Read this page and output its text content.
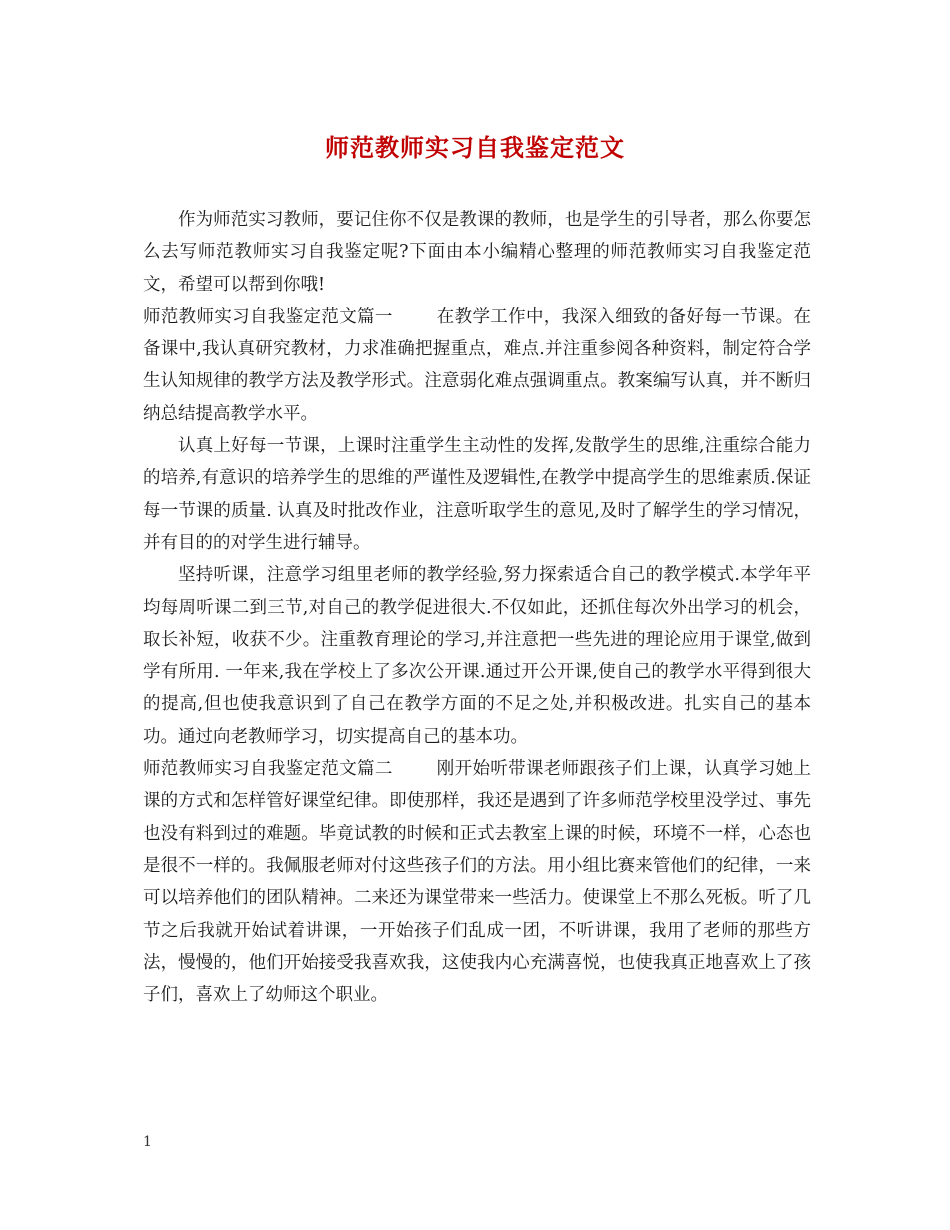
师范教师实习自我鉴定范文

作为师范实习教师，要记住你不仅是教课的教师，也是学生的引导者，那么你要怎么去写师范教师实习自我鉴定呢?下面由本小编精心整理的师范教师实习自我鉴定范文，希望可以帮到你哦!

师范教师实习自我鉴定范文篇一	在教学工作中，我深入细致的备好每一节课。在备课中,我认真研究教材，力求准确把握重点，难点.并注重参阅各种资料，制定符合学生认知规律的教学方法及教学形式。注意弱化难点强调重点。教案编写认真，并不断归纳总结提高教学水平。

认真上好每一节课，上课时注重学生主动性的发挥,发散学生的思维,注重综合能力的培养,有意识的培养学生的思维的严谨性及逻辑性,在教学中提高学生的思维素质.保证每一节课的质量. 认真及时批改作业，注意听取学生的意见,及时了解学生的学习情况，并有目的的对学生进行辅导。

坚持听课，注意学习组里老师的教学经验,努力探索适合自己的教学模式.本学年平均每周听课二到三节,对自己的教学促进很大.不仅如此，还抓住每次外出学习的机会，取长补短，收获不少。注重教育理论的学习,并注意把一些先进的理论应用于课堂,做到学有所用. 一年来,我在学校上了多次公开课.通过开公开课,使自己的教学水平得到很大的提高,但也使我意识到了自己在教学方面的不足之处,并积极改进。扎实自己的基本功。通过向老教师学习，切实提高自己的基本功。

师范教师实习自我鉴定范文篇二	刚开始听带课老师跟孩子们上课，认真学习她上课的方式和怎样管好课堂纪律。即使那样，我还是遇到了许多师范学校里没学过、事先也没有料到过的难题。毕竟试教的时候和正式去教室上课的时候，环境不一样，心态也是很不一样的。我佩服老师对付这些孩子们的方法。用小组比赛来管他们的纪律，一来可以培养他们的团队精神。二来还为课堂带来一些活力。使课堂上不那么死板。听了几节之后我就开始试着讲课，一开始孩子们乱成一团，不听讲课，我用了老师的那些方法，慢慢的，他们开始接受我喜欢我，这使我内心充满喜悦，也使我真正地喜欢上了孩子们，喜欢上了幼师这个职业。

1
